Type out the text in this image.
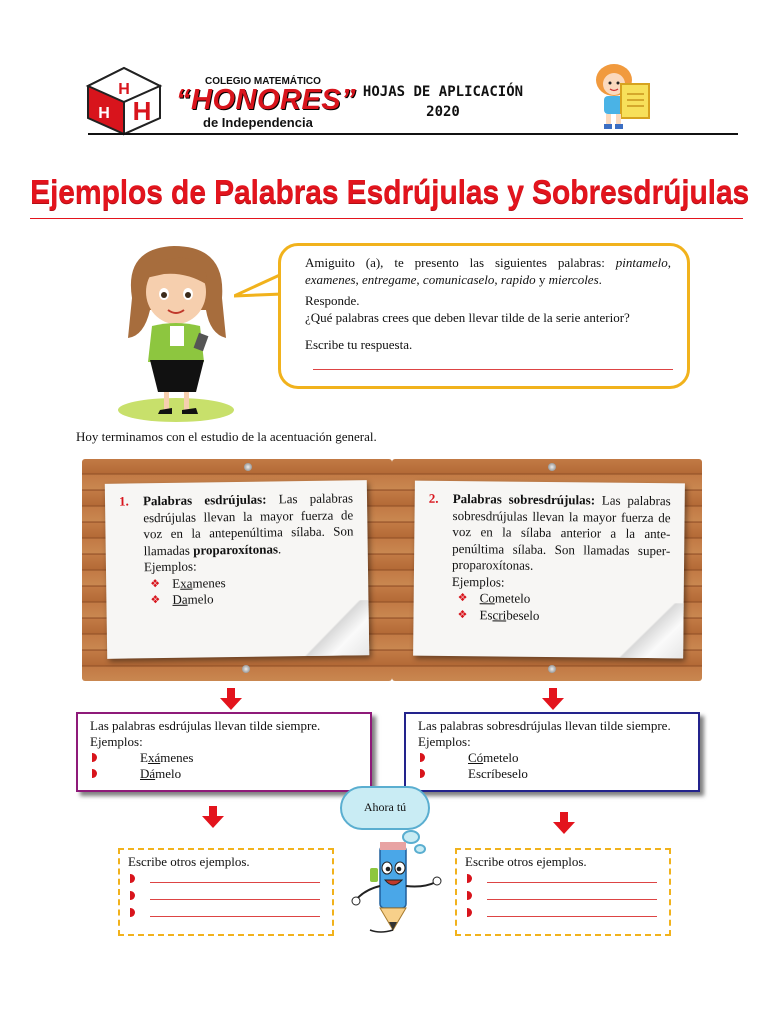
H
H H
COLEGIO MATEMÁTICO
“HONORES”
de Independencia
HOJAS DE APLICACIÓN
2020
Ejemplos de Palabras Esdrújulas y Sobresdrújulas

Amiguito (a), te presento las siguientes palabras: pintamelo, examenes, entregame, comunicaselo, rapido y miercoles.

Responde.

¿Qué palabras crees que deben llevar tilde de la serie anterior?

Escribe tu respuesta.

Hoy terminamos con el estudio de la acentuación general.
1. Palabras esdrújulas: Las palabras esdrújulas llevan la mayor fuerza de voz en la antepenúltima sílaba. Son llamadas proparoxítonas.
Ejemplos:
❖ Examenes
❖ Damelo
2. Palabras sobresdrújulas: Las palabras sobresdrújulas llevan la mayor fuerza de voz en la sílaba anterior a la ante-penúltima sílaba. Son llamadas super-proparoxítonas.
Ejemplos:
❖ Cometelo
❖ Escribeselo
Las palabras esdrújulas llevan tilde siempre.
Ejemplos:
Exámenes
Dámelo
Las palabras sobresdrújulas llevan tilde siempre.
Ejemplos:
Cómetelo
Escríbeselo
Ahora tú
Escribe otros ejemplos.	Escribe otros ejemplos.
